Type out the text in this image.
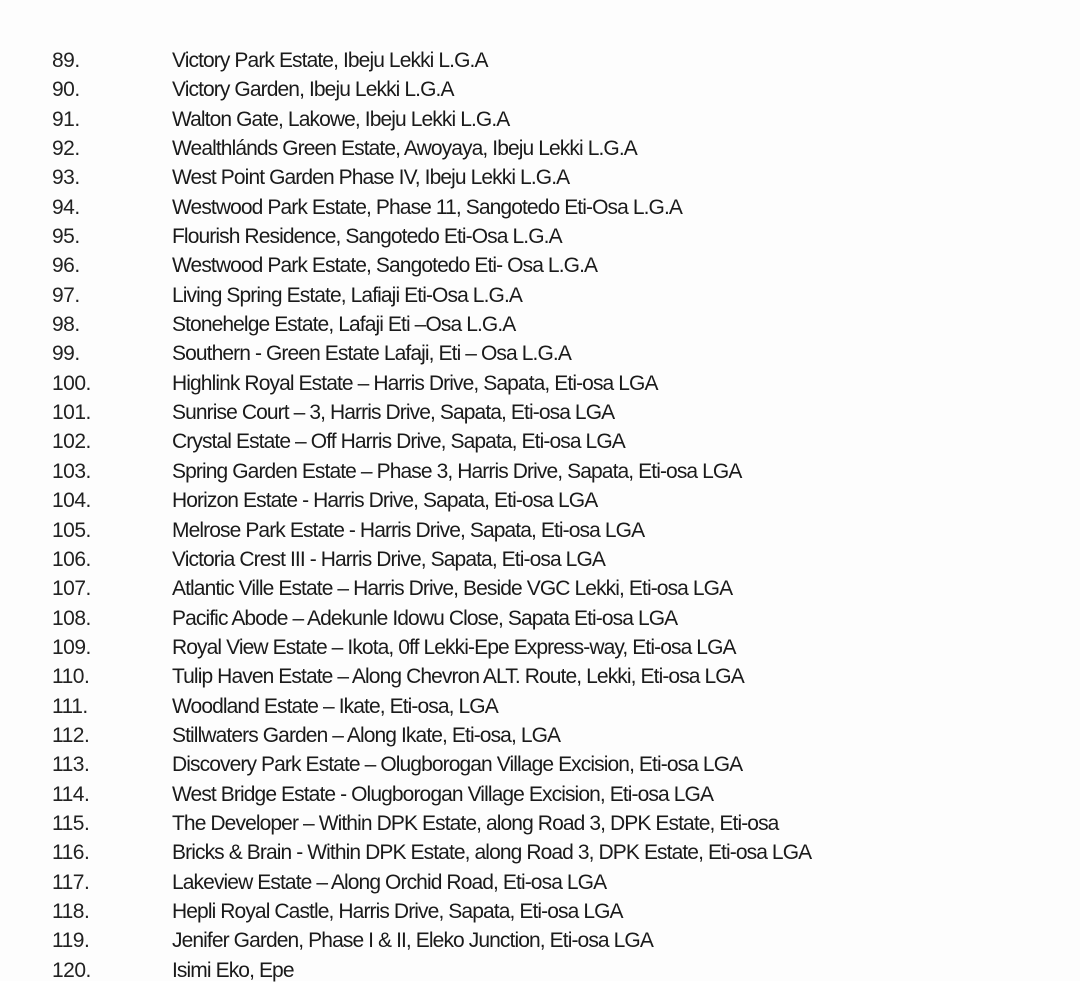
89.	Victory Park Estate, Ibeju Lekki L.G.A
90.	Victory Garden, Ibeju Lekki L.G.A
91.	Walton Gate, Lakowe, Ibeju Lekki L.G.A
92.	Wealthlánds Green Estate, Awoyaya, Ibeju Lekki L.G.A
93.	West Point Garden Phase IV, Ibeju Lekki L.G.A
94.	Westwood Park Estate, Phase 11, Sangotedo Eti-Osa L.G.A
95.	Flourish Residence, Sangotedo Eti-Osa L.G.A
96.	Westwood Park Estate, Sangotedo Eti- Osa L.G.A
97.	Living Spring Estate, Lafiaji Eti-Osa L.G.A
98.	Stonehelge Estate, Lafaji Eti –Osa L.G.A
99.	Southern - Green Estate Lafaji, Eti – Osa L.G.A
100.	Highlink Royal Estate – Harris Drive, Sapata, Eti-osa LGA
101.	Sunrise Court – 3, Harris Drive, Sapata, Eti-osa LGA
102.	Crystal Estate – Off Harris Drive, Sapata, Eti-osa LGA
103.	Spring Garden Estate – Phase 3, Harris Drive, Sapata, Eti-osa LGA
104.	Horizon Estate - Harris Drive, Sapata, Eti-osa LGA
105.	Melrose Park Estate - Harris Drive, Sapata, Eti-osa LGA
106.	Victoria Crest III - Harris Drive, Sapata, Eti-osa LGA
107.	Atlantic Ville Estate – Harris Drive, Beside VGC Lekki, Eti-osa LGA
108.	Pacific Abode – Adekunle Idowu Close, Sapata Eti-osa LGA
109.	Royal View Estate – Ikota, 0ff Lekki-Epe Express-way, Eti-osa LGA
110.	Tulip Haven Estate – Along Chevron ALT. Route, Lekki, Eti-osa LGA
111.	Woodland Estate – Ikate, Eti-osa, LGA
112.	Stillwaters Garden – Along Ikate, Eti-osa, LGA
113.	Discovery Park Estate – Olugborogan Village Excision, Eti-osa LGA
114.	West Bridge Estate - Olugborogan Village Excision, Eti-osa LGA
115.	The Developer – Within DPK Estate, along Road 3, DPK Estate, Eti-osa
116.	Bricks & Brain - Within DPK Estate, along Road 3, DPK Estate, Eti-osa LGA
117.	Lakeview Estate – Along Orchid Road, Eti-osa LGA
118.	Hepli Royal Castle, Harris Drive, Sapata, Eti-osa LGA
119.	Jenifer Garden, Phase I & II, Eleko Junction, Eti-osa LGA
120.	Isimi Eko, Epe
